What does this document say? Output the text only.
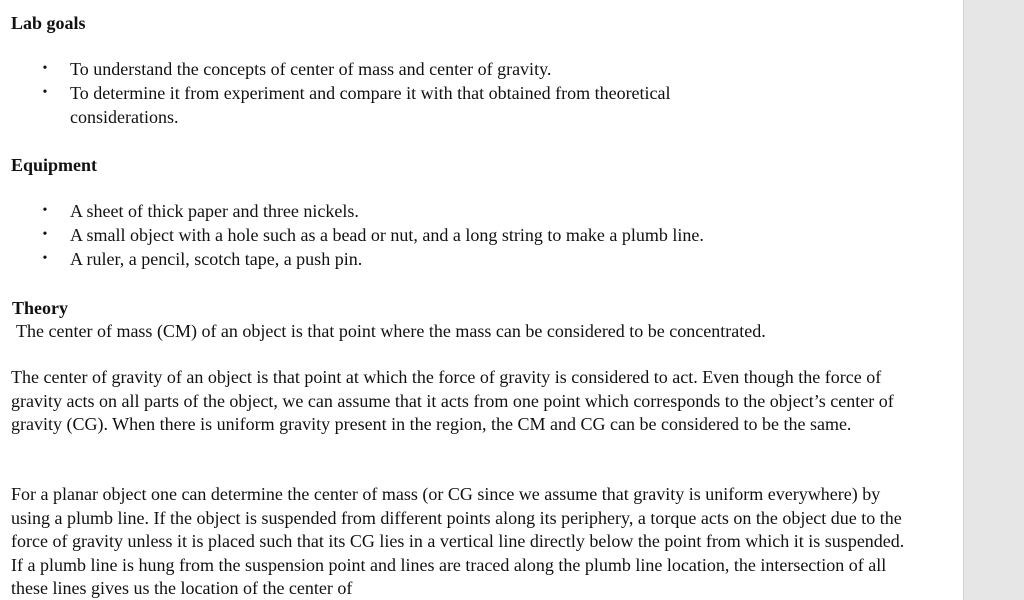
Lab goals
• To understand the concepts of center of mass and center of gravity.
• To determine it from experiment and compare it with that obtained from theoretical considerations.
Equipment
• A sheet of thick paper and three nickels.
• A small object with a hole such as a bead or nut, and a long string to make a plumb line.
• A ruler, a pencil, scotch tape, a push pin.
Theory

The center of mass (CM) of an object is that point where the mass can be considered to be concentrated.

The center of gravity of an object is that point at which the force of gravity is considered to act. Even though the force of gravity acts on all parts of the object, we can assume that it acts from one point which corresponds to the object’s center of gravity (CG). When there is uniform gravity present in the region, the CM and CG can be considered to be the same.

For a planar object one can determine the center of mass (or CG since we assume that gravity is uniform everywhere) by using a plumb line. If the object is suspended from different points along its periphery, a torque acts on the object due to the force of gravity unless it is placed such that its CG lies in a vertical line directly below the point from which it is suspended. If a plumb line is hung from the suspension point and lines are traced along the plumb line location, the intersection of all these lines gives us the location of the center of
